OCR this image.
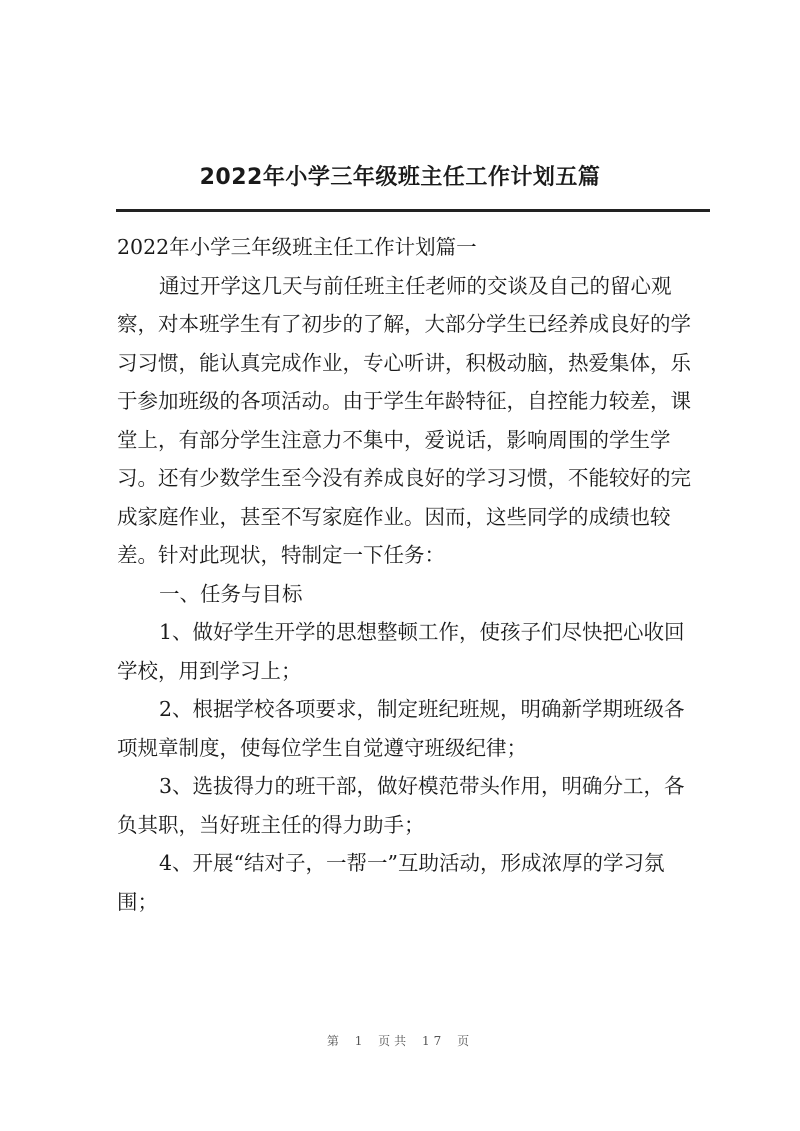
2022年小学三年级班主任工作计划五篇
2022年小学三年级班主任工作计划篇一
通过开学这几天与前任班主任老师的交谈及自己的留心观
察，对本班学生有了初步的了解，大部分学生已经养成良好的学
习习惯，能认真完成作业，专心听讲，积极动脑，热爱集体，乐
于参加班级的各项活动。由于学生年龄特征，自控能力较差，课
堂上，有部分学生注意力不集中，爱说话，影响周围的学生学
习。还有少数学生至今没有养成良好的学习习惯，不能较好的完
成家庭作业，甚至不写家庭作业。因而，这些同学的成绩也较
差。针对此现状，特制定一下任务：
一、任务与目标
1、做好学生开学的思想整顿工作，使孩子们尽快把心收回
学校，用到学习上；
2、根据学校各项要求，制定班纪班规，明确新学期班级各
项规章制度，使每位学生自觉遵守班级纪律；
3、选拔得力的班干部，做好模范带头作用，明确分工，各
负其职，当好班主任的得力助手；
4、开展“结对子，一帮一”互助活动，形成浓厚的学习氛
围；
第 1 页共 17 页
